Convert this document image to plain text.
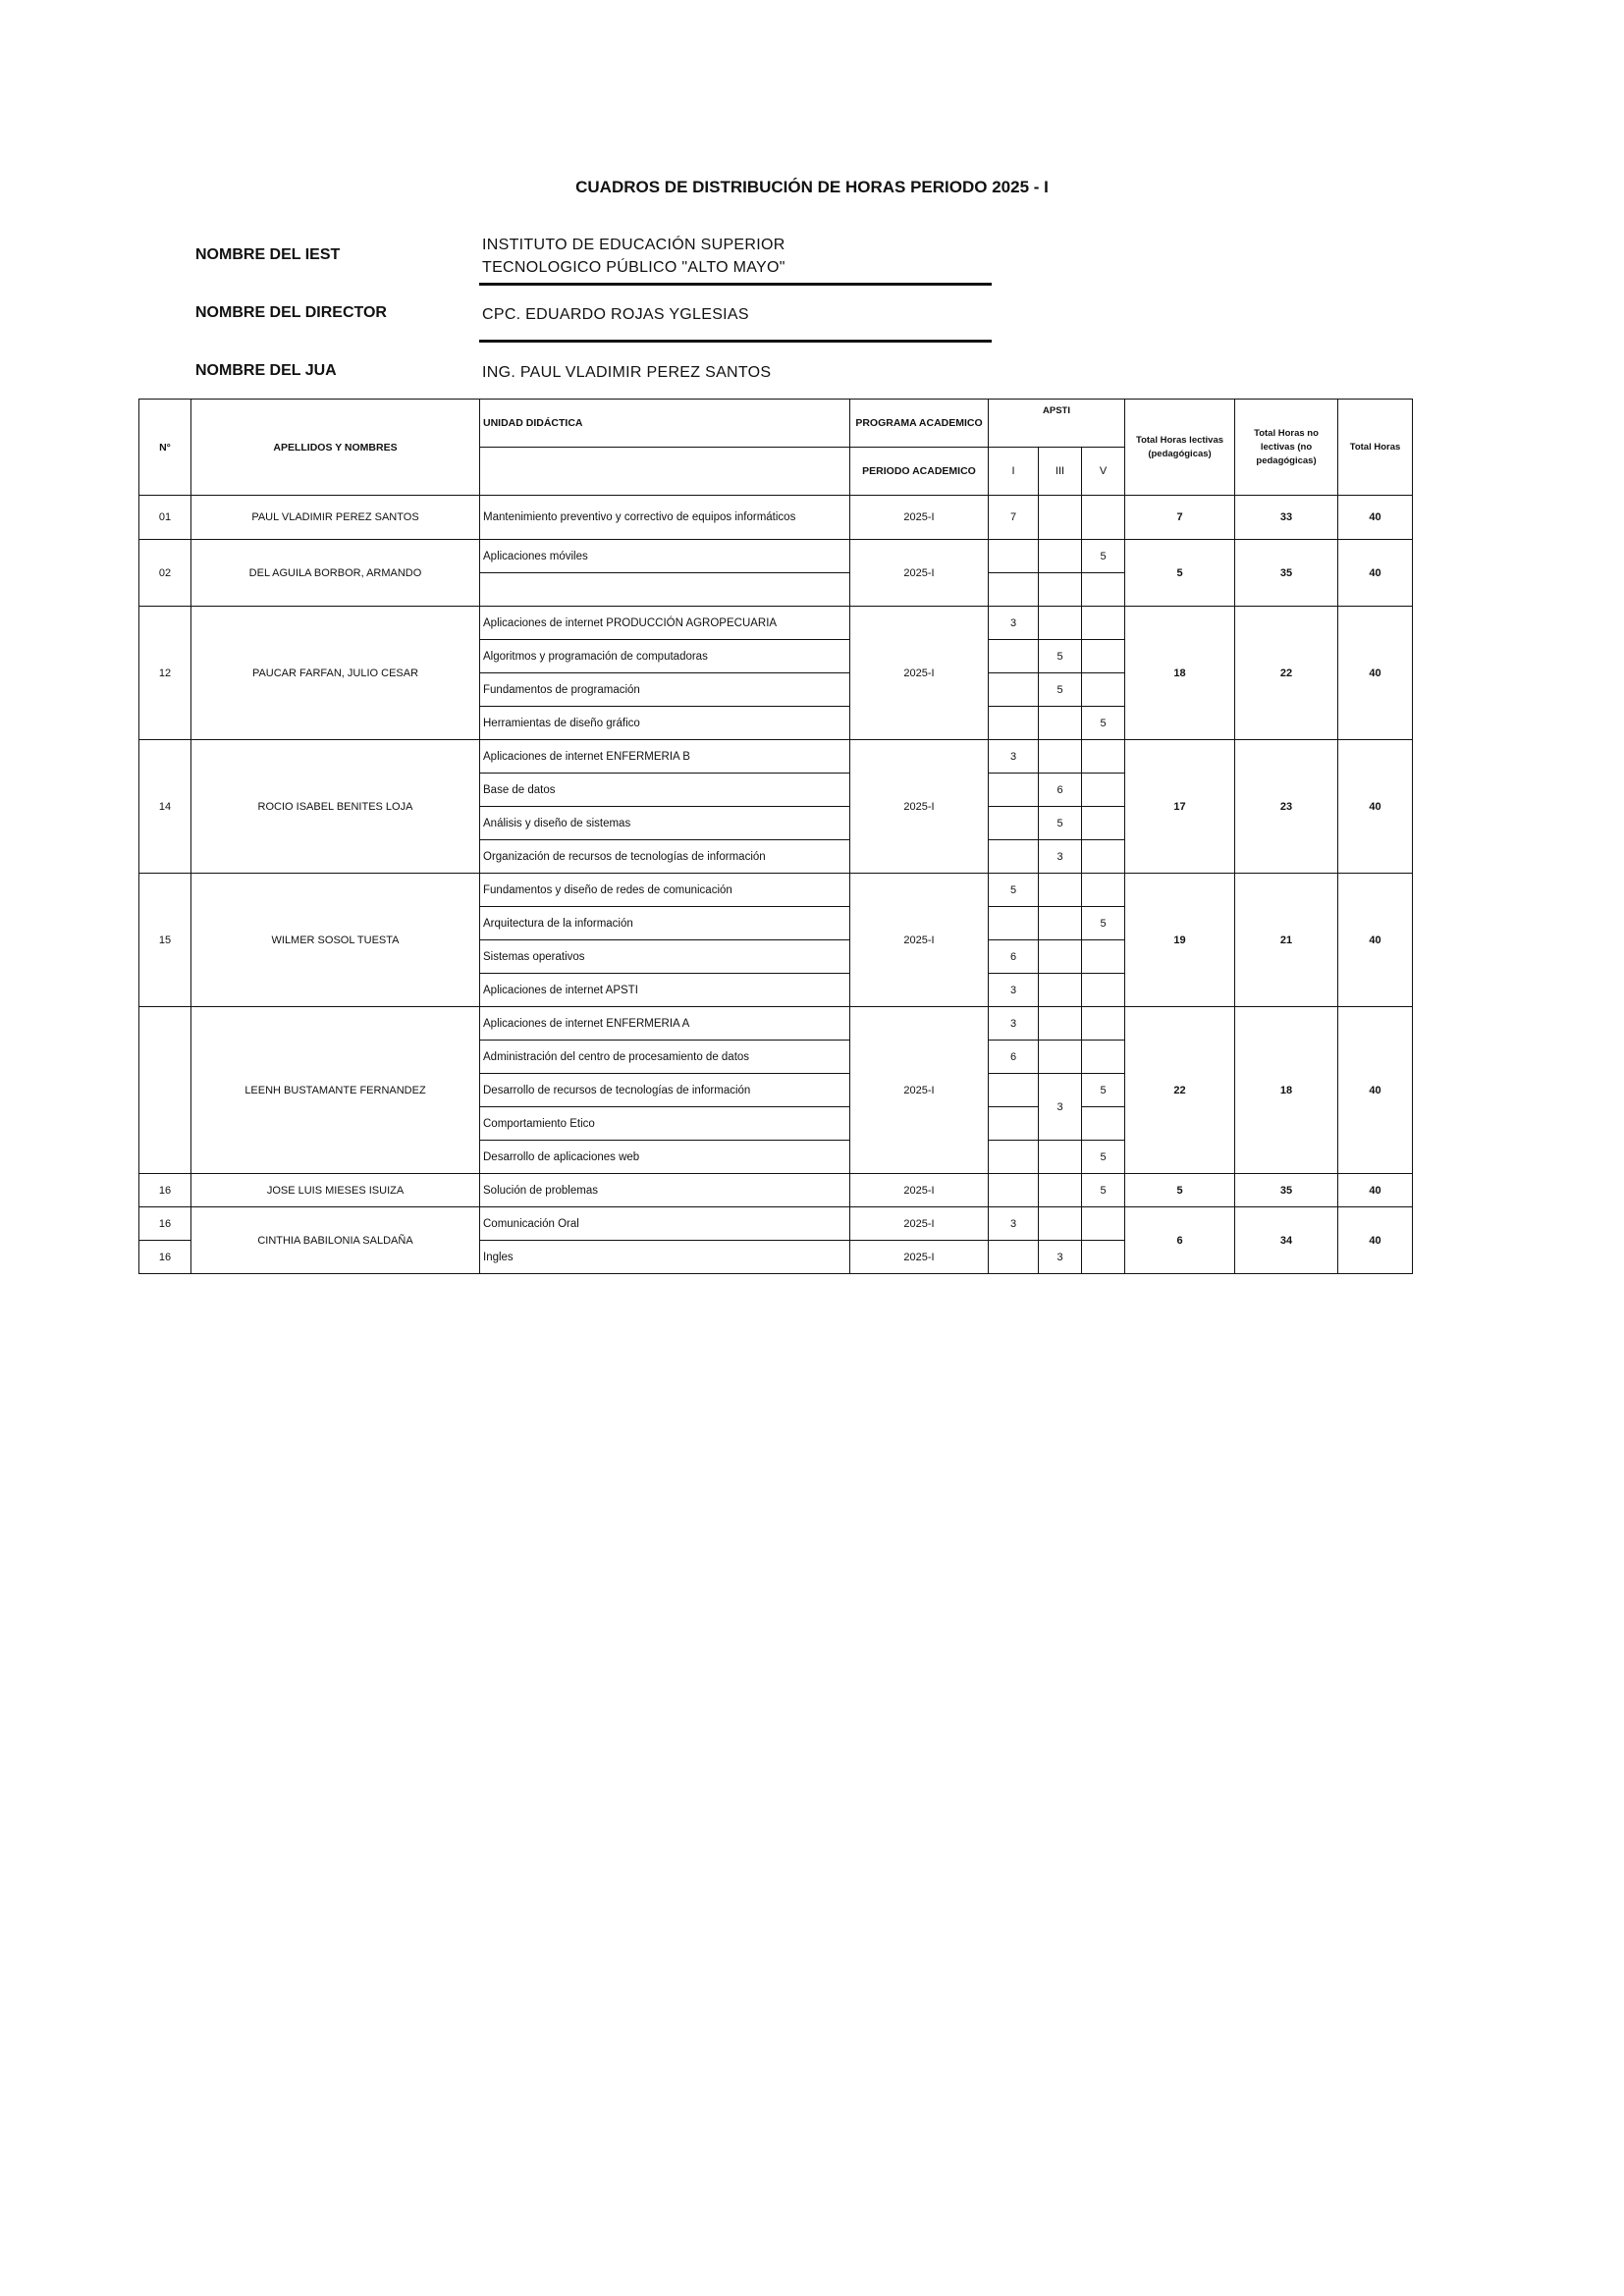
CUADROS DE DISTRIBUCIÓN DE HORAS PERIODO 2025 - I
NOMBRE DEL IEST
INSTITUTO DE EDUCACIÓN SUPERIOR
TECNOLOGICO PÚBLICO "ALTO MAYO"
NOMBRE DEL DIRECTOR	CPC. EDUARDO ROJAS YGLESIAS
NOMBRE DEL JUA	ING. PAUL VLADIMIR PEREZ SANTOS
N°	APELLIDOS Y NOMBRES	UNIDAD DIDÁCTICA	PROGRAMA ACADEMICO	APSTI			Total Horas lectivas (pedagógicas)	Total Horas no lectivas (no pedagógicas)	Total Horas
			PERIODO ACADEMICO	I	III	V			
01	PAUL VLADIMIR PEREZ SANTOS	Mantenimiento preventivo y correctivo de equipos informáticos	2025-I	7			7	33	40
02	DEL AGUILA BORBOR, ARMANDO	Aplicaciones móviles	2025-I			5	5	35	40

12	PAUCAR FARFAN, JULIO CESAR	Aplicaciones de internet PRODUCCIÓN AGROPECUARIA	2025-I	3			18	22	40
		Algoritmos y programación de computadoras			5				
		Fundamentos de programación			5				
		Herramientas de diseño gráfico				5			
14	ROCIO ISABEL BENITES LOJA	Aplicaciones de internet ENFERMERIA B	2025-I	3			17	23	40
		Base de datos			6				
		Análisis y diseño de sistemas			5				
		Organización de recursos de tecnologías de información			3				
15	WILMER SOSOL TUESTA	Fundamentos y diseño de redes de comunicación	2025-I	5			19	21	40
		Arquitectura de la información				5			
		Sistemas operativos		6					
		Aplicaciones de internet APSTI		3					
	LEENH BUSTAMANTE FERNANDEZ	Aplicaciones de internet ENFERMERIA A	2025-I	3			22	18	40
		Administración del centro de procesamiento de datos		6					
		Desarrollo de recursos de tecnologías de información			3	5			
		Comportamiento Etico							
		Desarrollo de aplicaciones web				5			
16	JOSE LUIS MIESES ISUIZA	Solución de problemas	2025-I			5	5	35	40
16	CINTHIA BABILONIA SALDAÑA	Comunicación Oral	2025-I	3			6	34	40
16		Ingles	2025-I		3				
